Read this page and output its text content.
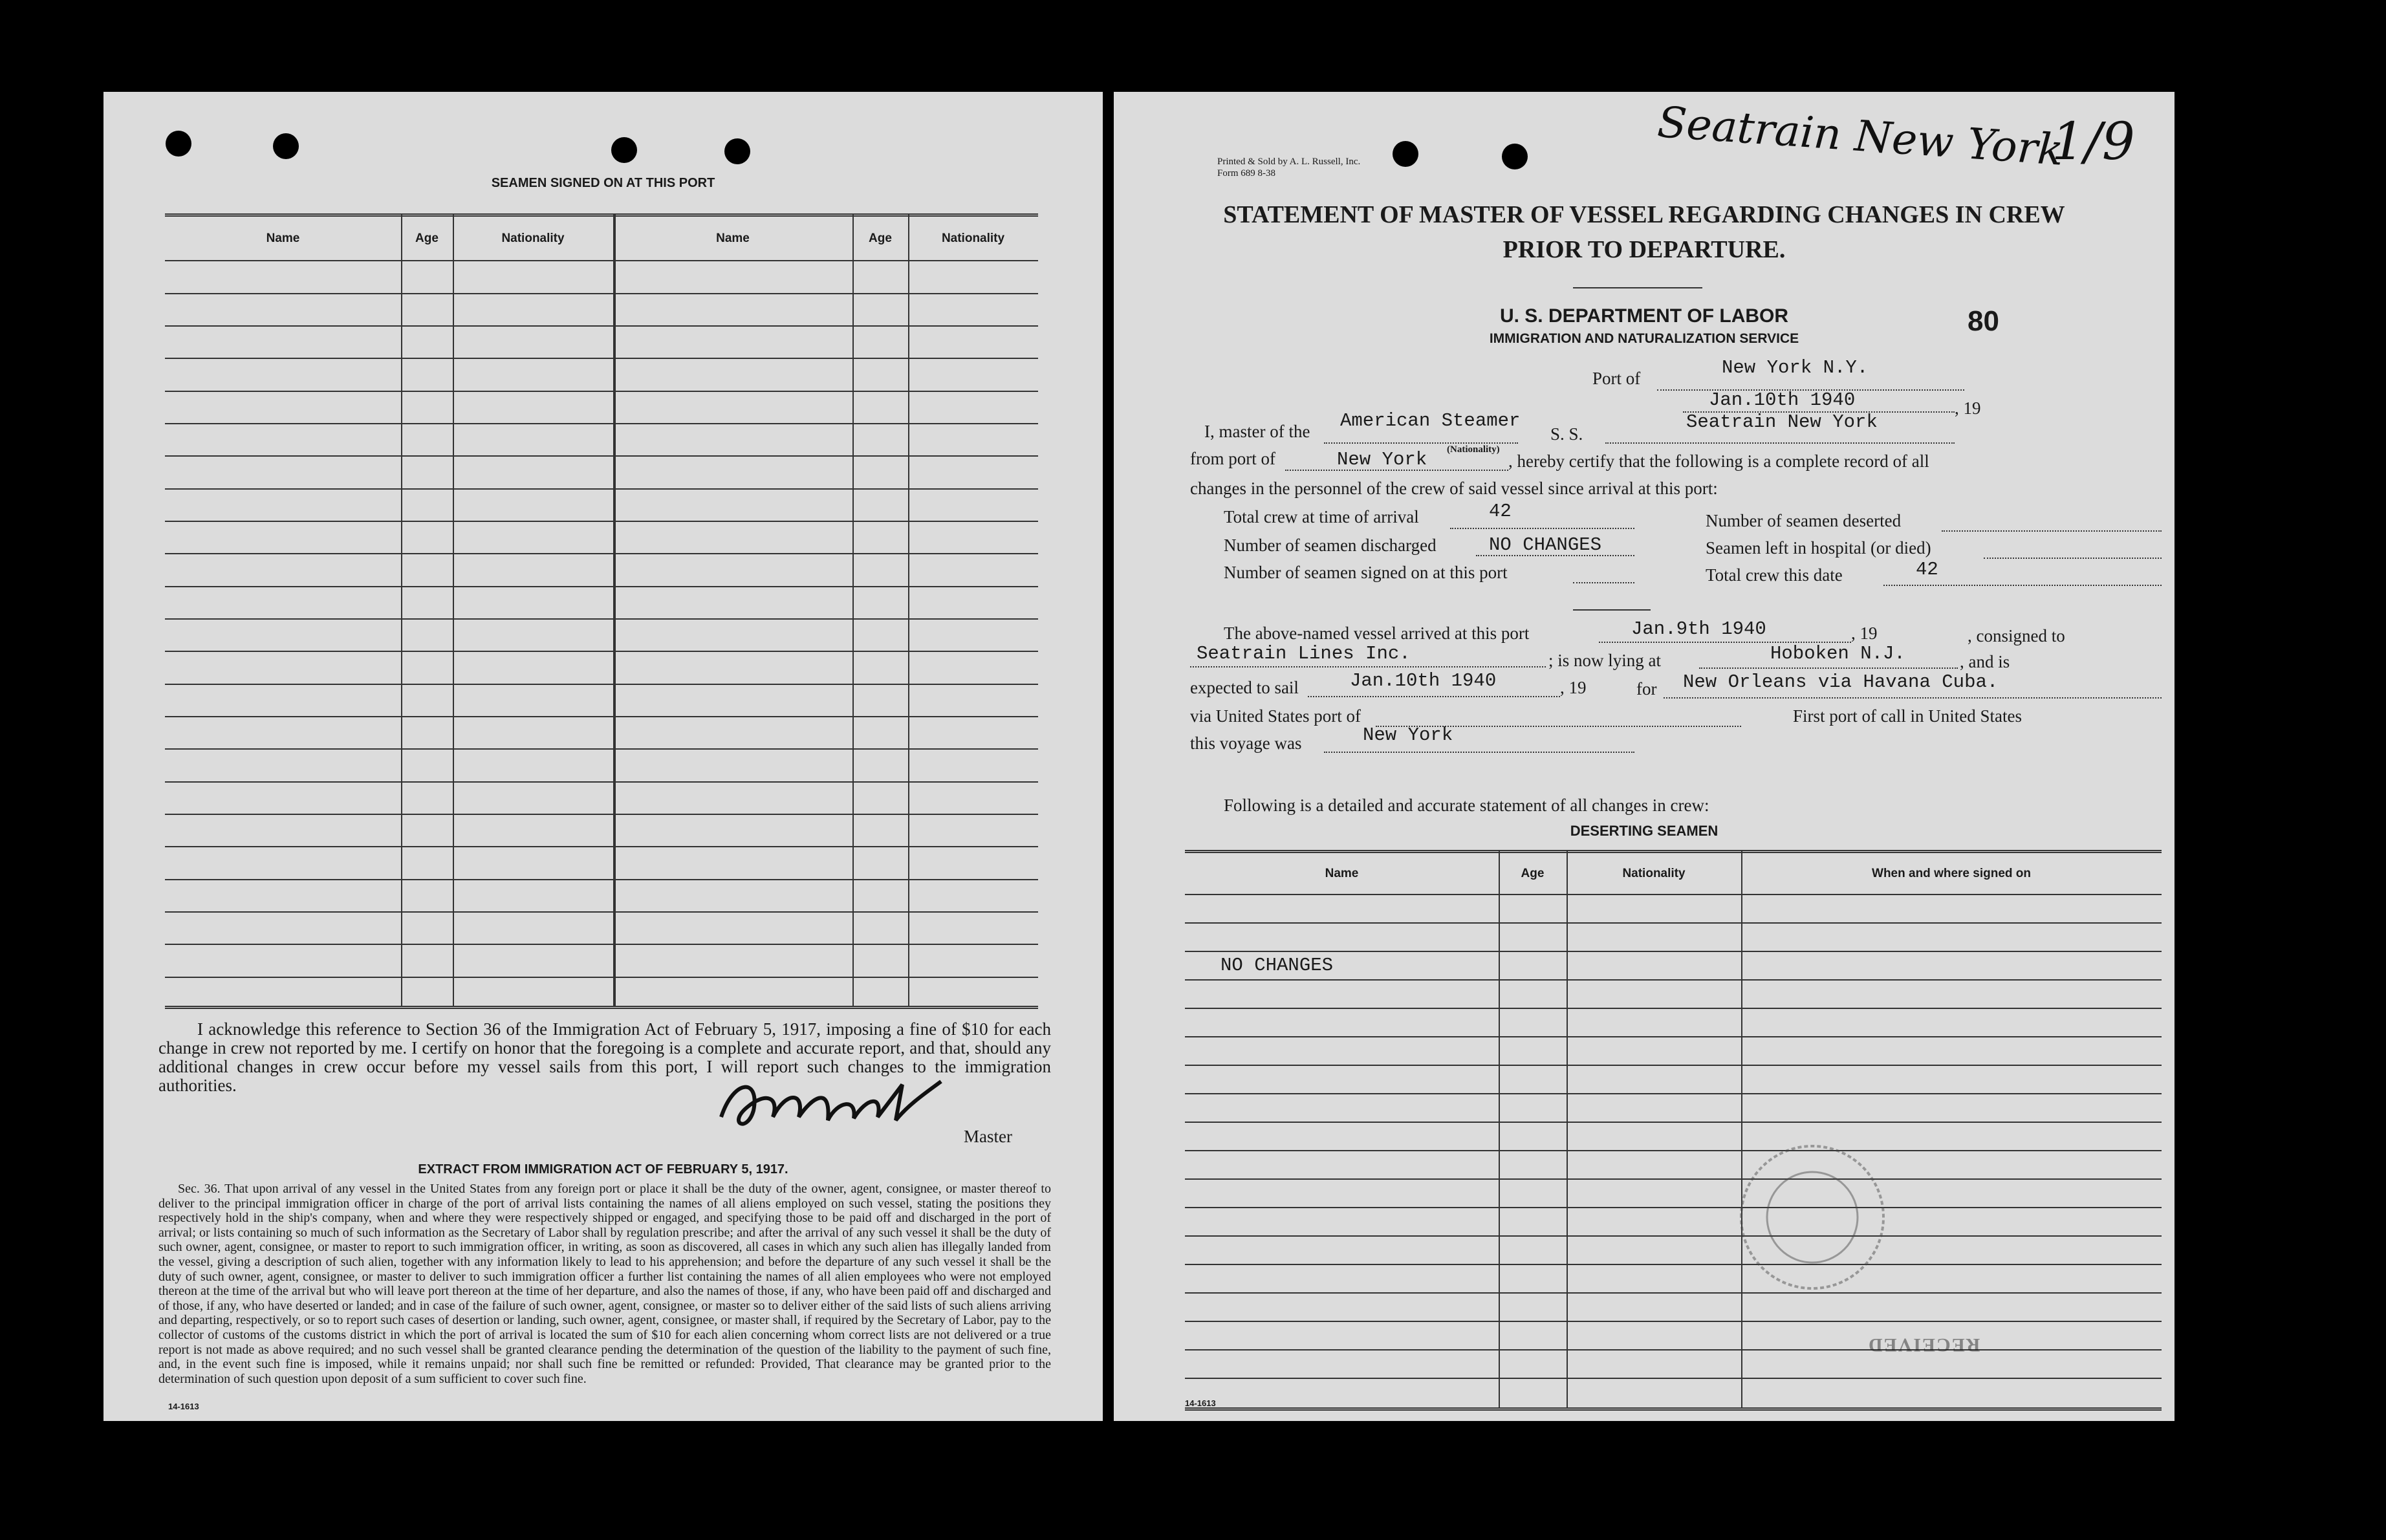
SEAMEN SIGNED ON AT THIS PORT
Name	Age	Nationality	Name	Age	Nationality
I acknowledge this reference to Section 36 of the Immigration Act of February 5, 1917, imposing a fine of $10 for each change in crew not reported by me. I certify on honor that the foregoing is a complete and accurate report, and that, should any additional changes in crew occur before my vessel sails from this port, I will report such changes to the immigration authorities.
Master
EXTRACT FROM IMMIGRATION ACT OF FEBRUARY 5, 1917.
Sec. 36. That upon arrival of any vessel in the United States from any foreign port or place it shall be the duty of the owner, agent, consignee, or master thereof to deliver to the principal immigration officer in charge of the port of arrival lists containing the names of all aliens employed on such vessel, stating the positions they respectively hold in the ship's company, when and where they were respectively shipped or engaged, and specifying those to be paid off and discharged in the port of arrival; or lists containing so much of such information as the Secretary of Labor shall by regulation prescribe; and after the arrival of any such vessel it shall be the duty of such owner, agent, consignee, or master to report to such immigration officer, in writing, as soon as discovered, all cases in which any such alien has illegally landed from the vessel, giving a description of such alien, together with any information likely to lead to his apprehension; and before the departure of any such vessel it shall be the duty of such owner, agent, consignee, or master to deliver to such immigration officer a further list containing the names of all alien employees who were not employed thereon at the time of the arrival but who will leave port thereon at the time of her departure, and also the names of those, if any, who have been paid off and discharged and of those, if any, who have deserted or landed; and in case of the failure of such owner, agent, consignee, or master so to deliver either of the said lists of such aliens arriving and departing, respectively, or so to report such cases of desertion or landing, such owner, agent, consignee, or master shall, if required by the Secretary of Labor, pay to the collector of customs of the customs district in which the port of arrival is located the sum of $10 for each alien concerning whom correct lists are not delivered or a true report is not made as above required; and no such vessel shall be granted clearance pending the determination of the question of the liability to the payment of such fine, and, in the event such fine is imposed, while it remains unpaid; nor shall such fine be remitted or refunded: Provided, That clearance may be granted prior to the determination of such question upon deposit of a sum sufficient to cover such fine.
14-1613
Printed & Sold by A. L. Russell, Inc.
Form 689 8-38	Seatrain New York
1/9
STATEMENT OF MASTER OF VESSEL REGARDING CHANGES IN CREW
PRIOR TO DEPARTURE.
U. S. DEPARTMENT OF LABOR
IMMIGRATION AND NATURALIZATION SERVICE
80
Port of	New York N.Y.
Jan.10th 1940	, 19
I, master of the American Steamer
S. S.
Seatrain New York
from port of	New York (Nationality)
, hereby certify that the following is a complete record of all
changes in the personnel of the crew of said vessel since arrival at this port:
Total crew at time of arrival	42	Number of seamen deserted
Number of seamen discharged	NO CHANGES	Seamen left in hospital (or died)
Number of seamen signed on at this port	Total crew this date	42
The above-named vessel arrived at this port	Jan.9th 1940	, 19	, consigned to
Seatrain Lines Inc.	; is now lying at	Hoboken N.J.	, and is
expected to sail	Jan.10th 1940	, 19	for New Orleans via Havana Cuba.
via United States port of	First port of call in United States
this voyage was	New York
Following is a detailed and accurate statement of all changes in crew:
DESERTING SEAMEN
Name	Age	Nationality	When and where signed on
NO CHANGES
RECEIVED
14-1613
